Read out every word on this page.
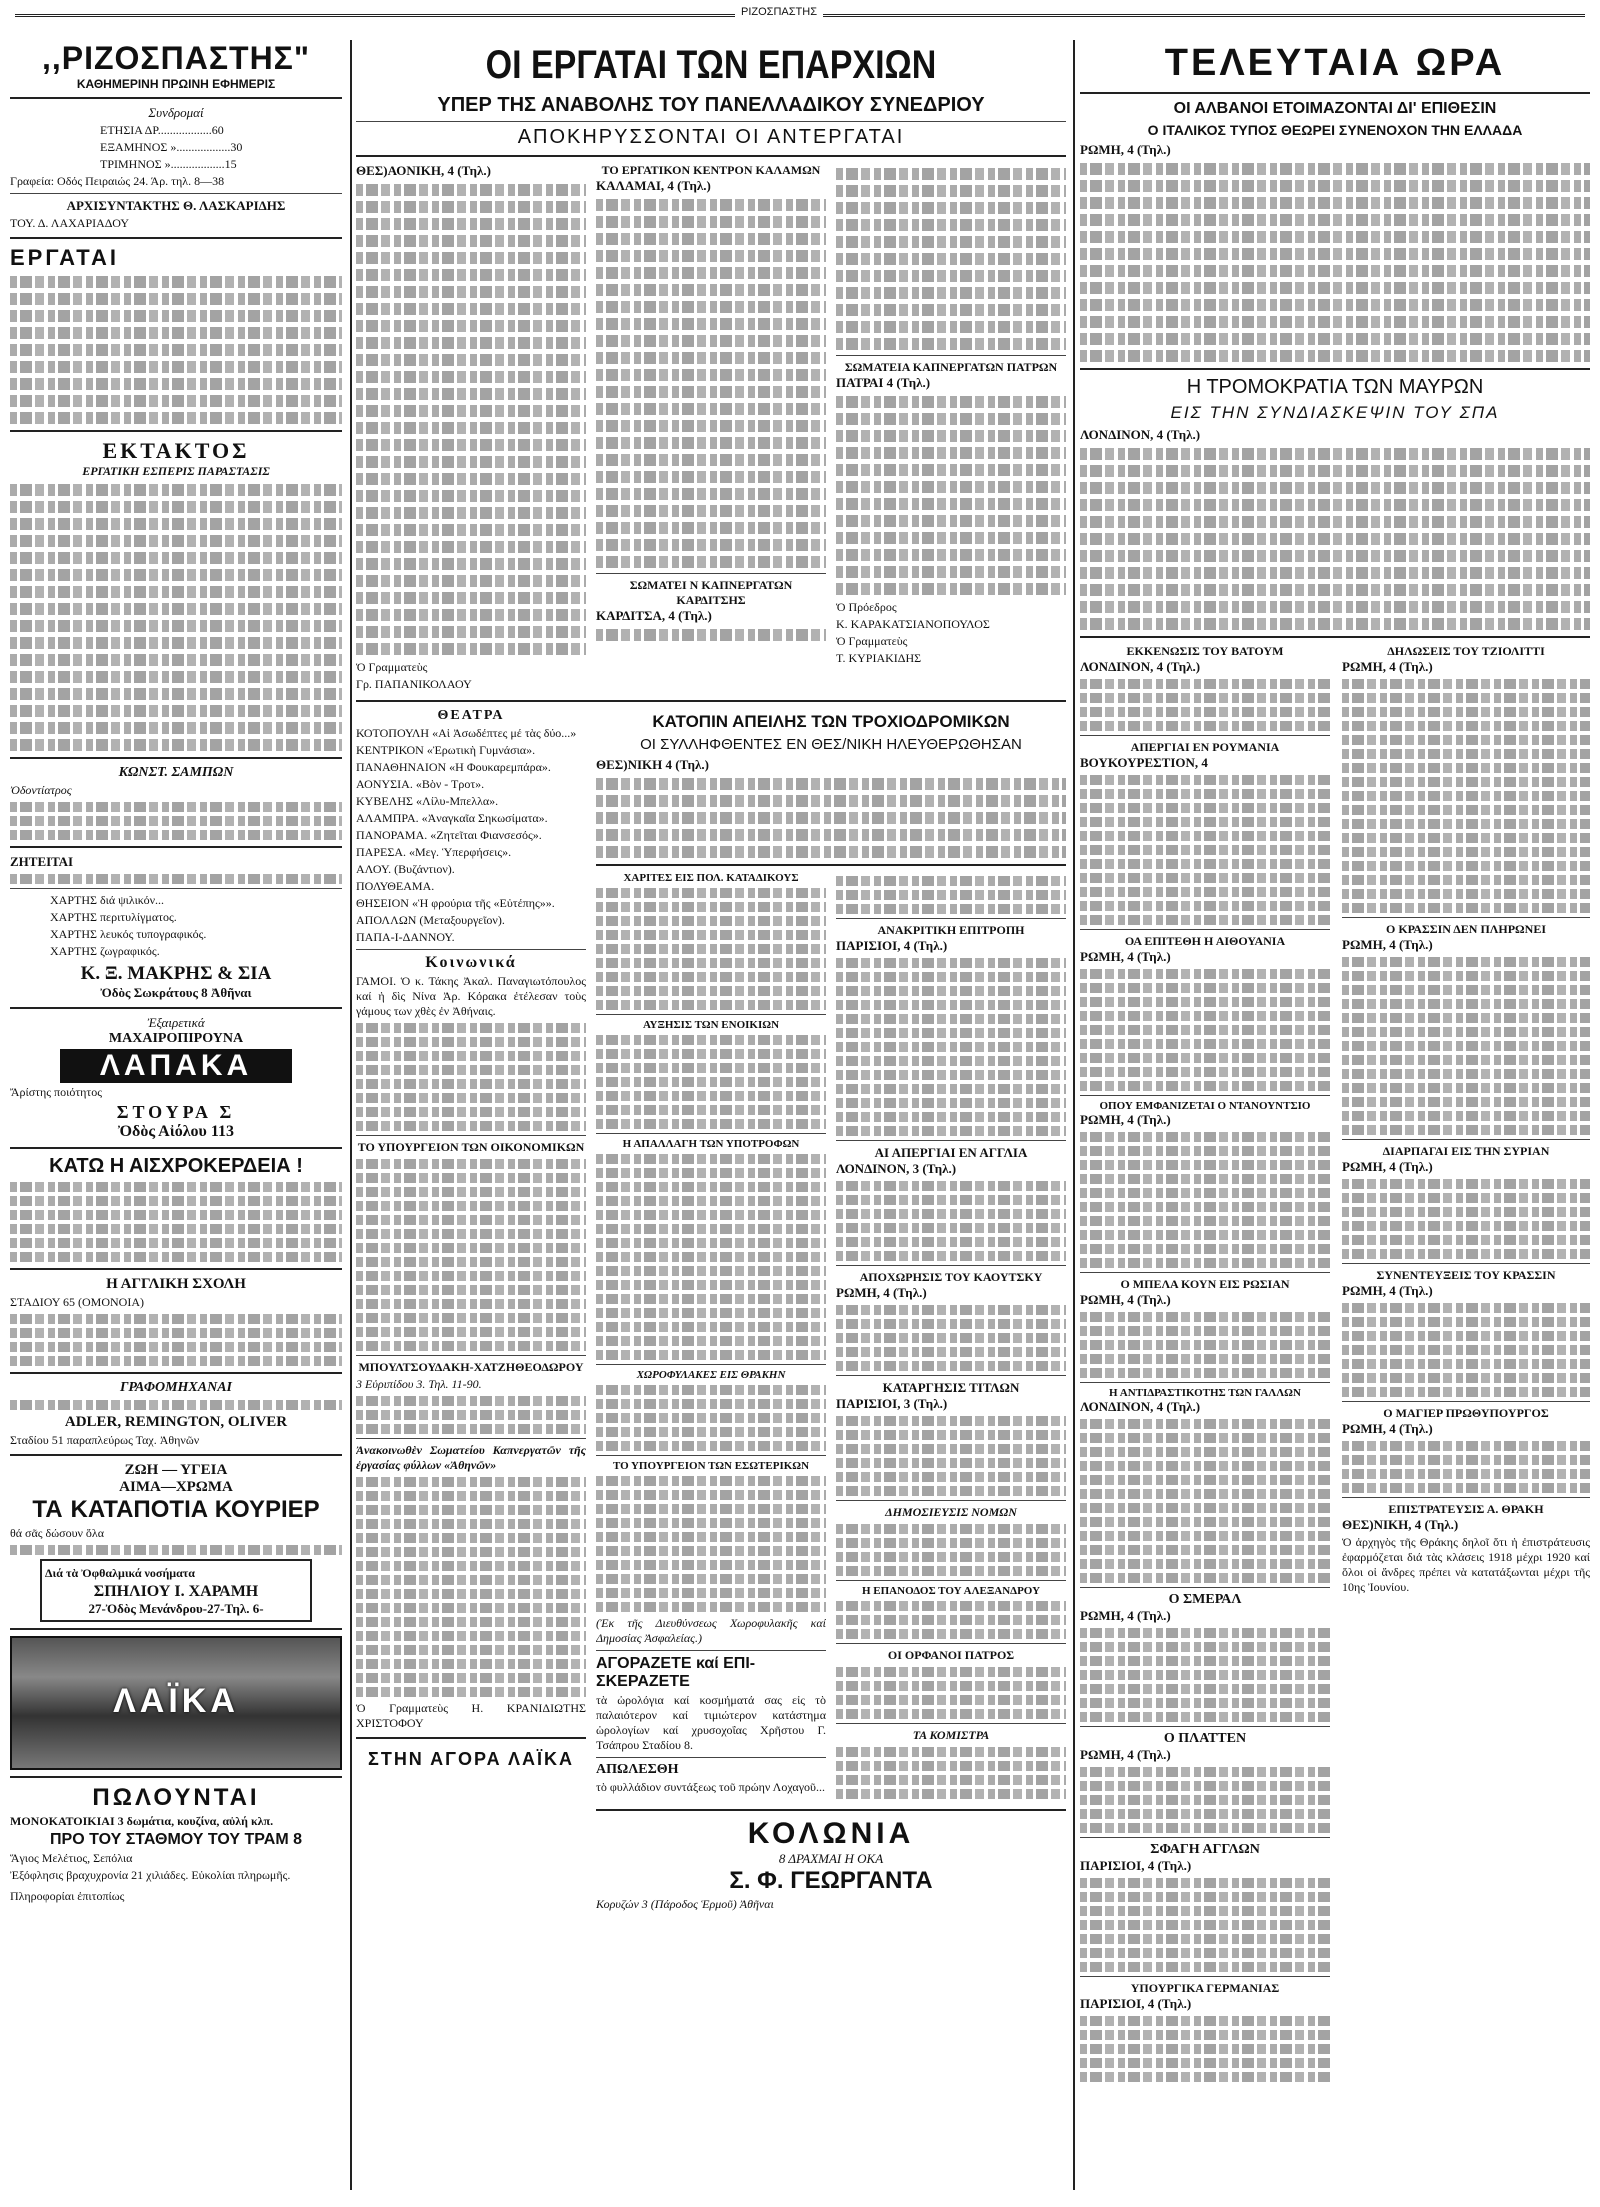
ΡΙΖΟΣΠΑΣΤΗΣ
,,ΡΙΖΟΣΠΑΣΤΗΣ"
ΚΑΘΗΜΕΡΙΝΗ ΠΡΩΙΝΗ ΕΦΗΜΕΡΙΣ
Συνδρομαί
ΕΤΗΣΙΑ ΔΡ..................60
ΕΞΑΜΗΝΟΣ »..................30
ΤΡΙΜΗΝΟΣ »..................15
Γραφεία: Οδός Πειραιώς 24. Άρ. τηλ. 8—38
ΑΡΧΙΣΥΝΤΑΚΤΗΣ Θ. ΛΑΣΚΑΡΙΔΗΣ
ΤΟΥ. Δ. ΛΑΧΑΡΙΑΔΟΥ
ΕΡΓΑΤΑΙ
ΕΚΤΑΚΤΟΣ
ΕΡΓΑΤΙΚΗ ΕΣΠΕΡΙΣ ΠΑΡΑΣΤΑΣΙΣ
ΚΩΝΣΤ. ΣΑΜΠΩΝ
Ὀδοντίατρος
ΖΗΤΕΙΤΑΙ
ΧΑΡΤΗΣ διά ψιλικόν...
ΧΑΡΤΗΣ περιτυλίγματος.
ΧΑΡΤΗΣ λευκός τυπογραφικός.
ΧΑΡΤΗΣ ζωγραφικός.
Κ. Ξ. ΜΑΚΡΗΣ & ΣΙΑ
Ὀδὸς Σωκράτους 8 Ἀθῆναι
Ἐξαιρετικά
ΜΑΧΑΙΡΟΠΙΡΟΥΝΑ
ΛΑΠΑΚΑ
Ἄρίστης ποιότητος
ΣΤΟΥΡΑ Σ
Ὀδὸς Αἰόλου 113
ΚΑΤΩ Η ΑΙΣΧΡΟΚΕΡΔΕΙΑ !
Η ΑΓΓΛΙΚΗ ΣΧΟΛΗ
ΣΤΑΔΙΟΥ 65 (ΟΜΟΝΟΙΑ)
ΓΡΑΦΟΜΗΧΑΝΑΙ
ADLER, REMINGTON, OLIVER
Σταδίου 51 παραπλεύρως Ταχ. Ἀθηνῶν
ΖΩΗ — ΥΓΕΙΑ
ΑΙΜΑ—ΧΡΩΜΑ
ΤΑ ΚΑΤΑΠΟΤΙΑ ΚΟΥΡΙΕΡ
θά σᾶς δώσουν ὅλα
Διά τὰ Ὀφθαλμικά νοσήματα
ΣΠΗΛΙΟΥ Ι. ΧΑΡΑΜΗ
27-Ὀδὸς Μενάνδρου-27-Τηλ. 6-
ΛΑΪΚΑ
ΠΩΛΟΥΝΤΑΙ
ΜΟΝΟΚΑΤΟΙΚΙΑΙ 3 δωμάτια, κουζίνα, αὐλή κλπ.
ΠΡΟ ΤΟΥ ΣΤΑΘΜΟΥ ΤΟΥ ΤΡΑΜ 8
Ἅγιος Μελέτιος, Σεπόλια
Ἐξόφλησις βραχυχρονία 21 χιλιάδες. Εὐκολίαι πληρωμῆς.
Πληροφορίαι ἐπιτοπίως
ΟΙ ΕΡΓΑΤΑΙ ΤΩΝ ΕΠΑΡΧΙΩΝ
ΥΠΕΡ ΤΗΣ ΑΝΑΒΟΛΗΣ ΤΟΥ ΠΑΝΕΛΛΑΔΙΚΟΥ ΣΥΝΕΔΡΙΟΥ
ΑΠΟΚΗΡΥΣΣΟΝΤΑΙ ΟΙ ΑΝΤΕΡΓΑΤΑΙ
ΘΕΣ)ΑΟΝΙΚΗ, 4 (Τηλ.)
Ὁ Γραμματεὺς
Γρ. ΠΑΠΑΝΙΚΟΛΑΟΥ
ΤΟ ΕΡΓΑΤΙΚΟΝ ΚΕΝΤΡΟΝ ΚΑΛΑΜΩΝ
ΚΑΛΑΜΑΙ, 4 (Τηλ.)
ΣΩΜΑΤΕΙ Ν ΚΑΠΝΕΡΓΑΤΩΝ ΚΑΡΔΙΤΣΗΣ
ΚΑΡΔΙΤΣΑ, 4 (Τηλ.)
ΣΩΜΑΤΕΙΑ ΚΑΠΝΕΡΓΑΤΩΝ ΠΑΤΡΩΝ
ΠΑΤΡΑΙ 4 (Τηλ.)
Ὁ Πρόεδρος
Κ. ΚΑΡΑΚΑΤΣΙΑΝΟΠΟΥΛΟΣ
Ὁ Γραμματεὺς
Τ. ΚΥΡΙΑΚΙΔΗΣ
ΘΕΑΤΡΑ
ΚΟΤΟΠΟΥΛΗ «Αἱ Ἀσωδέπτες μέ τὰς δύο...»
ΚΕΝΤΡΙΚΟΝ «Ἐρωτικὴ Γυμνάσια».
ΠΑΝΑΘΗΝΑΙΟΝ «Η Φουκαρεμπάρα».
ΑΟΝΥΣΙΑ. «Βὸν - Τροτ».
ΚΥΒΕΛΗΣ «Λίλυ-Μπελλα».
ΑΛΑΜΠΡΑ. «Ἀναγκαῖα Σηκωσίματα».
ΠΑΝΟΡΑΜΑ. «Ζητεῖται Φιανσεσός».
ΠΑΡΕΣΑ. «Μεγ. Ὑπερφήσεις».
ΑΛΟΥ. (Βυζάντιον).
ΠΟΛΥΘΕΑΜΑ.
ΘΗΣΕΙΟΝ «Ἡ φρούρια τῆς «Εὐτέπης»».
ΑΠΟΛΛΩΝ (Μεταξουργεῖον).
ΠΑΠΑ-Ι-ΔΑΝΝΟΥ.
Κοινωνικά
ΓΑΜΟΙ. Ὁ κ. Τάκης Ἀκαλ. Παναγιωτόπουλος καί ἡ δὶς Νίνα Ἀρ. Κόρακα ἐτέλεσαν τοὺς γάμους των χθὲς ἐν Ἀθήναις.
ΤΟ ΥΠΟΥΡΓΕΙΟΝ ΤΩΝ ΟΙΚΟΝΟΜΙΚΩΝ
ΜΠΟΥΛΤΣΟΥΔΑΚΗ-ΧΑΤΖΗΘΕΟΔΩΡΟΥ
3 Εὐριπίδου 3. Τηλ. 11-90.
Ἀνακοινωθὲν Σωματείου Καπνεργατῶν τῆς ἐργασίας φύλλων «Ἀθηνῶν»
Ὁ Γραμματεὺς Η. ΚΡΑΝΙΔΙΩΤΗΣ ΧΡΙΣΤΟΦΟΥ
ΣΤΗΝ ΑΓΟΡΑ ΛΑΪΚΑ
ΚΑΤΟΠΙΝ ΑΠΕΙΛΗΣ ΤΩΝ ΤΡΟΧΙΟΔΡΟΜΙΚΩΝ
ΟΙ ΣΥΛΛΗΦΘΕΝΤΕΣ ΕΝ ΘΕΣ/ΝΙΚΗ ΗΛΕΥΘΕΡΩΘΗΣΑΝ
ΘΕΣ)ΝΙΚΗ 4 (Τηλ.)
ΧΑΡΙΤΕΣ ΕΙΣ ΠΟΛ. ΚΑΤΑΔΙΚΟΥΣ
ΑΥΞΗΣΙΣ ΤΩΝ ΕΝΟΙΚΙΩΝ
Η ΑΠΑΛΛΑΓΗ ΤΩΝ ΥΠΟΤΡΟΦΩΝ
ΧΩΡΟΦΥΛΑΚΕΣ ΕΙΣ ΘΡΑΚΗΝ
ΤΟ ΥΠΟΥΡΓΕΙΟΝ ΤΩΝ ΕΣΩΤΕΡΙΚΩΝ
(Ἐκ τῆς Διευθύνσεως Χωροφυλακῆς καί Δημοσίας Ἀσφαλείας.)
ΑΓΟΡΑΖΕΤΕ καί ΕΠΙΣΚΕΡΑΖΕΤΕ
τὰ ὡρολόγια καί κοσμήματά σας εἰς τὸ παλαιότερον καί τιμιώτερον κατάστημα ὡρολογίων καί χρυσοχοΐας Χρῆστου Γ. Τσάπρου Σταδίου 8.
ΑΠΩΛΕΣΘΗ
τὸ φυλλάδιον συντάξεως τοῦ πρώην Λοχαγοῦ...
ΑΝΑΚΡΙΤΙΚΗ ΕΠΙΤΡΟΠΗ
ΠΑΡΙΣΙΟΙ, 4 (Τηλ.)
ΑΙ ΑΠΕΡΓΙΑΙ ΕΝ ΑΓΓΛΙΑ
ΛΟΝΔΙΝΟΝ, 3 (Τηλ.)
ΑΠΟΧΩΡΗΣΙΣ ΤΟΥ ΚΑΟΥΤΣΚΥ
ΡΩΜΗ, 4 (Τηλ.)
ΚΑΤΑΡΓΗΣΙΣ ΤΙΤΛΩΝ
ΠΑΡΙΣΙΟΙ, 3 (Τηλ.)
ΔΗΜΟΣΙΕΥΣΙΣ ΝΟΜΩΝ
Η ΕΠΑΝΟΔΟΣ ΤΟΥ ΑΛΕΞΑΝΔΡΟΥ
ΟΙ ΟΡΦΑΝΟΙ ΠΑΤΡΟΣ
ΤΑ ΚΟΜΙΣΤΡΑ
ΚΟΛΩΝΙΑ
8 ΔΡΑΧΜΑΙ Η ΟΚΑ
Σ. Φ. ΓΕΩΡΓΑΝΤΑ
Κορυζών 3 (Πάροδος Ἑρμοῦ) Ἀθῆναι
ΤΕΛΕΥΤΑΙΑ ΩΡΑ
ΟΙ ΑΛΒΑΝΟΙ ΕΤΟΙΜΑΖΟΝΤΑΙ ΔΙ' ΕΠΙΘΕΣΙΝ
Ο ΙΤΑΛΙΚΟΣ ΤΥΠΟΣ ΘΕΩΡΕΙ ΣΥΝΕΝΟΧΟΝ ΤΗΝ ΕΛΛΑΔΑ
ΡΩΜΗ, 4 (Τηλ.)
Η ΤΡΟΜΟΚΡΑΤΙΑ ΤΩΝ ΜΑΥΡΩΝ
ΕΙΣ ΤΗΝ ΣΥΝΔΙΑΣΚΕΨΙΝ ΤΟΥ ΣΠΑ
ΛΟΝΔΙΝΟΝ, 4 (Τηλ.)
ΕΚΚΕΝΩΣΙΣ ΤΟΥ ΒΑΤΟΥΜ
ΛΟΝΔΙΝΟΝ, 4 (Τηλ.)
ΑΠΕΡΓΙΑΙ ΕΝ ΡΟΥΜΑΝΙΑ
ΒΟΥΚΟΥΡΕΣΤΙΟΝ, 4
ΟΑ ΕΠΙΤΕΘΗ Η ΑΙΘΟΥΑΝΙΑ
ΡΩΜΗ, 4 (Τηλ.)
ΟΠΟΥ ΕΜΦΑΝΙΖΕΤΑΙ Ο ΝΤΑΝΟΥΝΤΣΙΟ
ΡΩΜΗ, 4 (Τηλ.)
Ο ΜΠΕΛΑ ΚΟΥΝ ΕΙΣ ΡΩΣΙΑΝ
ΡΩΜΗ, 4 (Τηλ.)
Η ΑΝΤΙΔΡΑΣΤΙΚΟΤΗΣ ΤΩΝ ΓΑΛΛΩΝ
ΛΟΝΔΙΝΟΝ, 4 (Τηλ.)
Ο ΣΜΕΡΑΛ
ΡΩΜΗ, 4 (Τηλ.)
Ο ΠΛΑΤΤΕΝ
ΡΩΜΗ, 4 (Τηλ.)
ΣΦΑΓΗ ΑΓΓΛΩΝ
ΠΑΡΙΣΙΟΙ, 4 (Τηλ.)
ΥΠΟΥΡΓΙΚΑ ΓΕΡΜΑΝΙΑΣ
ΠΑΡΙΣΙΟΙ, 4 (Τηλ.)
ΔΗΛΩΣΕΙΣ ΤΟΥ ΤΖΙΟΛΙΤΤΙ
ΡΩΜΗ, 4 (Τηλ.)
Ο ΚΡΑΣΣΙΝ ΔΕΝ ΠΛΗΡΩΝΕΙ
ΡΩΜΗ, 4 (Τηλ.)
ΔΙΑΡΠΑΓΑΙ ΕΙΣ ΤΗΝ ΣΥΡΙΑΝ
ΡΩΜΗ, 4 (Τηλ.)
ΣΥΝΕΝΤΕΥΞΕΙΣ ΤΟΥ ΚΡΑΣΣΙΝ
ΡΩΜΗ, 4 (Τηλ.)
Ο ΜΑΓΙΕΡ ΠΡΩΘΥΠΟΥΡΓΟΣ
ΡΩΜΗ, 4 (Τηλ.)
ΕΠΙΣΤΡΑΤΕΥΣΙΣ Α. ΘΡΑΚΗ
ΘΕΣ)ΝΙΚΗ, 4 (Τηλ.)
Ὁ ἀρχηγὸς τῆς Θράκης δηλοῖ ὅτι ἡ ἐπιστράτευσις ἐφαρμόζεται διά τὰς κλάσεις 1918 μέχρι 1920 καί ὅλοι οἱ ἄνδρες πρέπει νὰ κατατάξωνται μέχρι τῆς 10ης Ἰουνίου.
